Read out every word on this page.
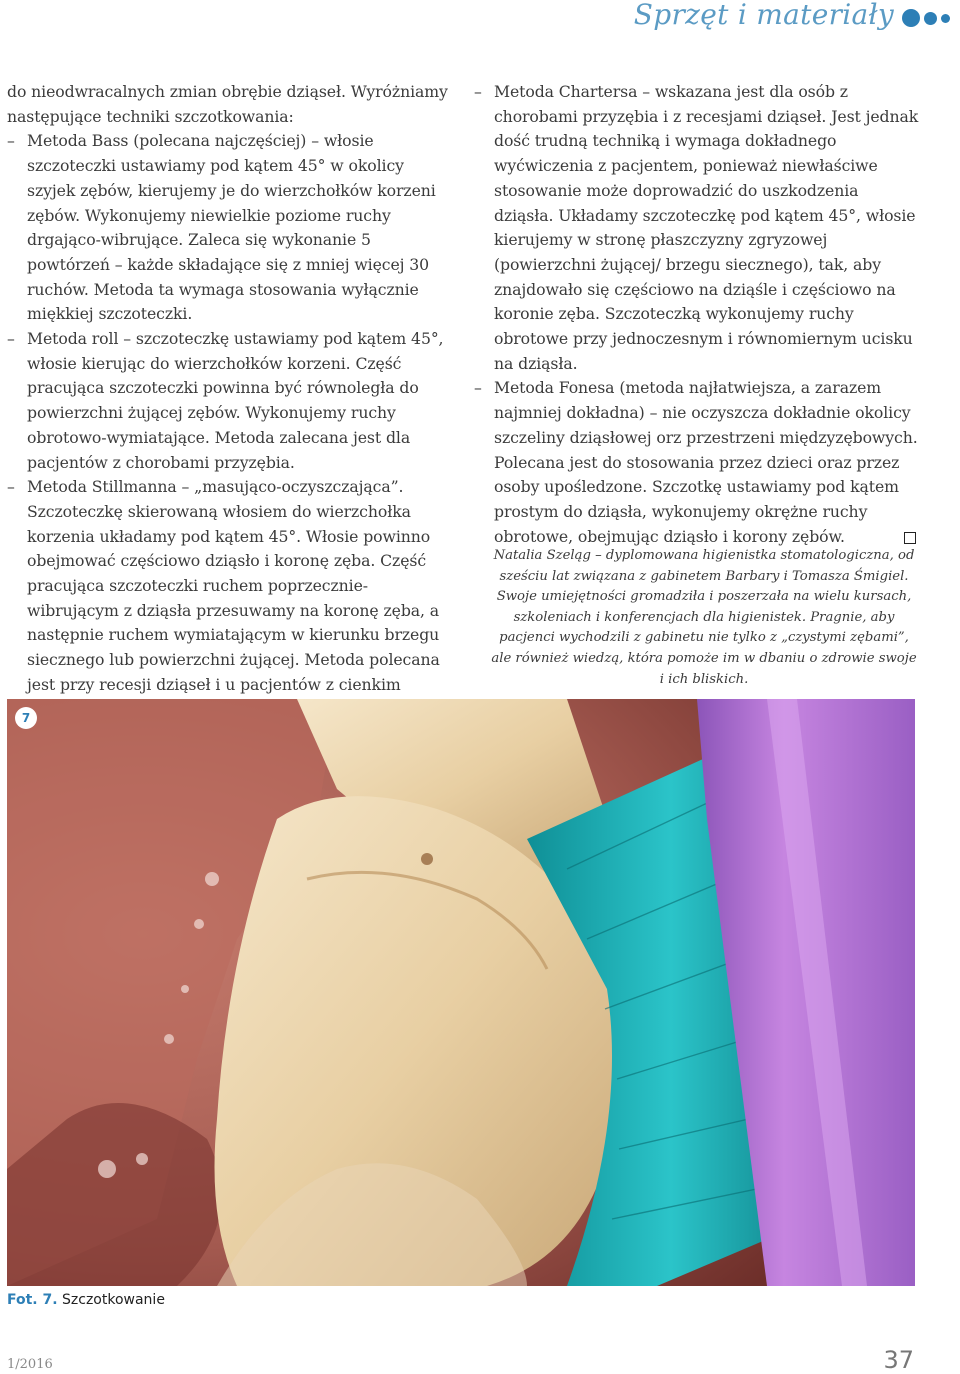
Sprzęt i materiały
do nieodwracalnych zmian obrębie dziąseł. Wyróżniamy następujące techniki szczotkowania:
– Metoda Bass (polecana najczęściej) – włosie szczoteczki ustawiamy pod kątem 45° w okolicy szyjek zębów, kierujemy je do wierzchołków korzeni zębów. Wykonujemy niewielkie poziome ruchy drgająco-wibrujące. Zaleca się wykonanie 5 powtórzeń – każde składające się z mniej więcej 30 ruchów. Metoda ta wymaga stosowania wyłącznie miękkiej szczoteczki.
– Metoda roll – szczoteczkę ustawiamy pod kątem 45°, włosie kierując do wierzchołków korzeni. Część pracująca szczoteczki powinna być równoległa do powierzchni żującej zębów. Wykonujemy ruchy obrotowo-wymiatające. Metoda zalecana jest dla pacjentów z chorobami przyzębia.
– Metoda Stillmanna – „masująco-oczyszczająca”. Szczoteczkę skierowaną włosiem do wierzchołka korzenia układamy pod kątem 45°. Włosie powinno obejmować częściowo dziąsło i koronę zęba. Część pracująca szczoteczki ruchem poprzecznie-wibrującym z dziąsła przesuwamy na koronę zęba, a następnie ruchem wymiatającym w kierunku brzegu siecznego lub powierzchni żującej. Metoda polecana jest przy recesji dziąseł i u pacjentów z cienkim
– Metoda Chartersa – wskazana jest dla osób z chorobami przyzębia i z recesjami dziąseł. Jest jednak dość trudną techniką i wymaga dokładnego wyćwiczenia z pacjentem, ponieważ niewłaściwe stosowanie może doprowadzić do uszkodzenia dziąsła. Układamy szczoteczkę pod kątem 45°, włosie kierujemy w stronę płaszczyzny zgryzowej (powierzchni żującej/ brzegu siecznego), tak, aby znajdowało się częściowo na dziąśle i częściowo na koronie zęba. Szczoteczką wykonujemy ruchy obrotowe przy jednoczesnym i równomiernym ucisku na dziąsła.
– Metoda Fonesa (metoda najłatwiejsza, a zarazem najmniej dokładna) – nie oczyszcza dokładnie okolicy szczeliny dziąsłowej orz przestrzeni międzyzębowych. Polecana jest do stosowania przez dzieci oraz przez osoby upośledzone. Szczotkę ustawiamy pod kątem prostym do dziąsła, wykonujemy okrężne ruchy obrotowe, obejmując dziąsło i korony zębów.
Natalia Szeląg – dyplomowana higienistka stomatologiczna, od sześciu lat związana z gabinetem Barbary i Tomasza Śmigiel. Swoje umiejętności gromadziła i poszerzała na wielu kursach, szkoleniach i konferencjach dla higienistek. Pragnie, aby pacjenci wychodzili z gabinetu nie tylko z „czystymi zębami”, ale również wiedzą, która pomoże im w dbaniu o zdrowie swoje i ich bliskich.
7
Fot. 7. Szczotkowanie
1/2016	37
